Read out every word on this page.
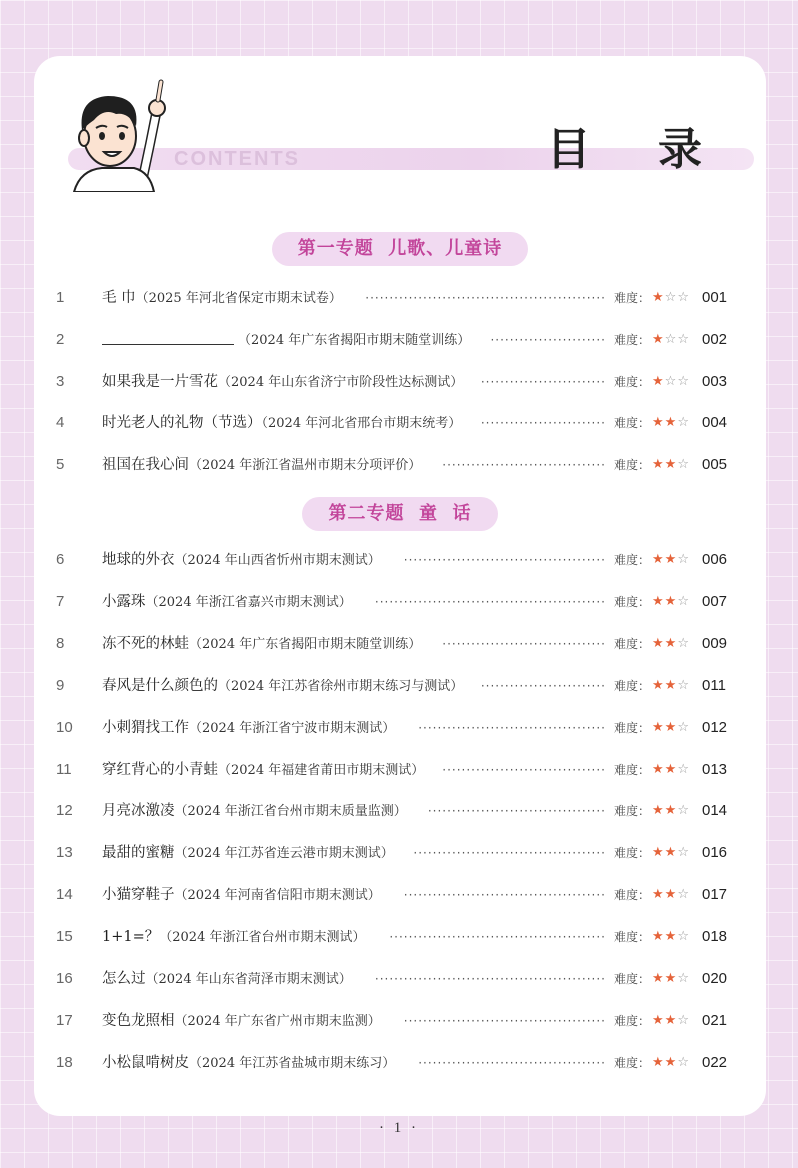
CONTENTS	目 录
第一专题  儿歌、儿童诗
第二专题  童  话
1	毛 巾（2025 年河北省保定市期末试卷）	·················································· 难度： ★☆☆ 001
2	（2024 年广东省揭阳市期末随堂训练）	························ 难度： ★☆☆ 002
3	如果我是一片雪花（2024 年山东省济宁市阶段性达标测试）	·························· 难度： ★☆☆ 003
4	时光老人的礼物（节选）（2024 年河北省邢台市期末统考）	·························· 难度： ★★☆ 004
5	祖国在我心间（2024 年浙江省温州市期末分项评价）	·································· 难度： ★★☆ 005
6	地球的外衣（2024 年山西省忻州市期末测试）	·········································· 难度： ★★☆ 006
7	小露珠（2024 年浙江省嘉兴市期末测试）	················································ 难度： ★★☆ 007
8	冻不死的林蛙（2024 年广东省揭阳市期末随堂训练）	·································· 难度： ★★☆ 009
9	春风是什么颜色的（2024 年江苏省徐州市期末练习与测试）	·························· 难度： ★★☆ 011
10	小刺猬找工作（2024 年浙江省宁波市期末测试）	······································· 难度： ★★☆ 012
11	穿红背心的小青蛙（2024 年福建省莆田市期末测试）	·································· 难度： ★★☆ 013
12	月亮冰激凌（2024 年浙江省台州市期末质量监测）	····································· 难度： ★★☆ 014
13	最甜的蜜糖（2024 年江苏省连云港市期末测试）	········································ 难度： ★★☆ 016
14	小猫穿鞋子（2024 年河南省信阳市期末测试）	·········································· 难度： ★★☆ 017
15	1+1=？（2024 年浙江省台州市期末测试）	············································· 难度： ★★☆ 018
16	怎么过（2024 年山东省菏泽市期末测试）	················································ 难度： ★★☆ 020
17	变色龙照相（2024 年广东省广州市期末监测）	·········································· 难度： ★★☆ 021
18	小松鼠啃树皮（2024 年江苏省盐城市期末练习）	······································· 难度： ★★☆ 022
· 1 ·
